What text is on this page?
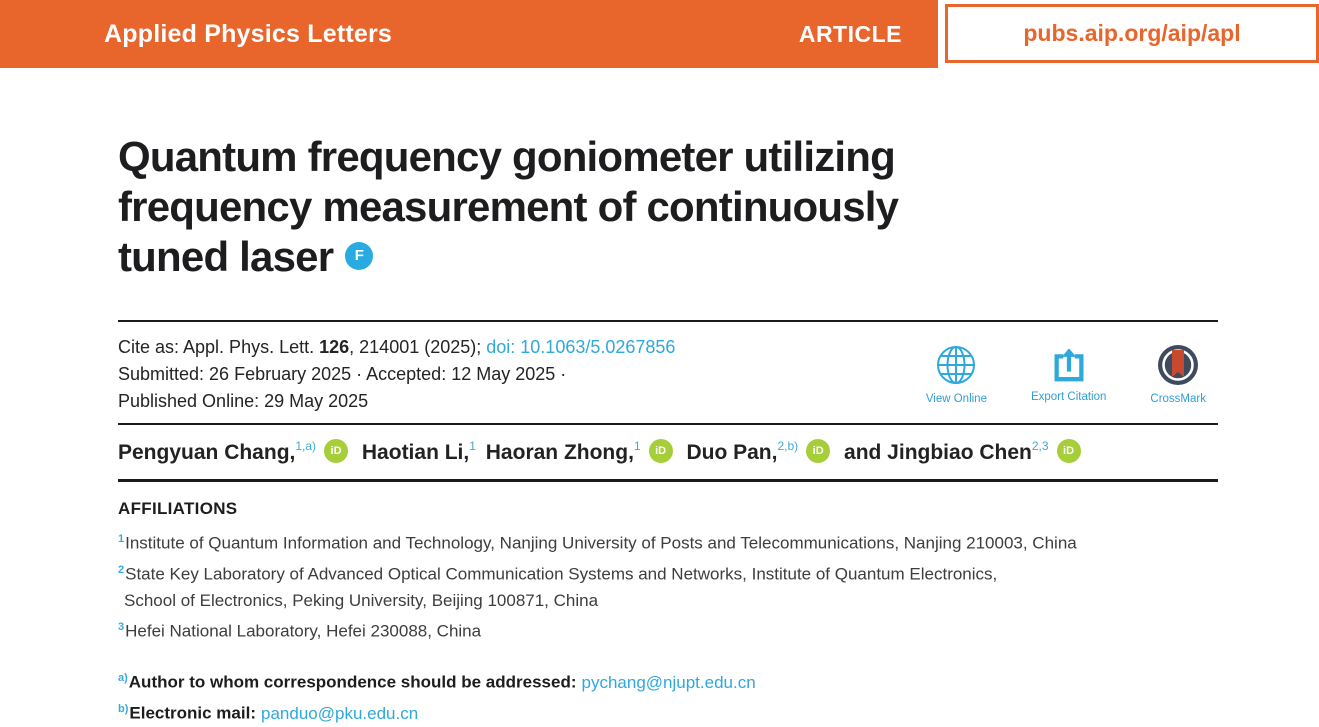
Applied Physics Letters	ARTICLE	pubs.aip.org/aip/apl
Quantum frequency goniometer utilizing
frequency measurement of continuously
tuned laser F
Cite as: Appl. Phys. Lett. 126, 214001 (2025); doi: 10.1063/5.0267856
Submitted: 26 February 2025 · Accepted: 12 May 2025 ·
Published Online: 29 May 2025	View Online	Export Citation	CrossMark
Pengyuan Chang,$^{1,a)}$ iD Haotian Li,$^1$ Haoran Zhong,$^1$ iD Duo Pan,$^{2,b)}$ iD and Jingbiao Chen$^{2,3}$ iD
AFFILIATIONS
$^1$Institute of Quantum Information and Technology, Nanjing University of Posts and Telecommunications, Nanjing 210003, China
$^2$State Key Laboratory of Advanced Optical Communication Systems and Networks, Institute of Quantum Electronics,
School of Electronics, Peking University, Beijing 100871, China
$^3$Hefei National Laboratory, Hefei 230088, China
$^{a)}$Author to whom correspondence should be addressed: pychang@njupt.edu.cn
$^{b)}$Electronic mail: panduo@pku.edu.cn
